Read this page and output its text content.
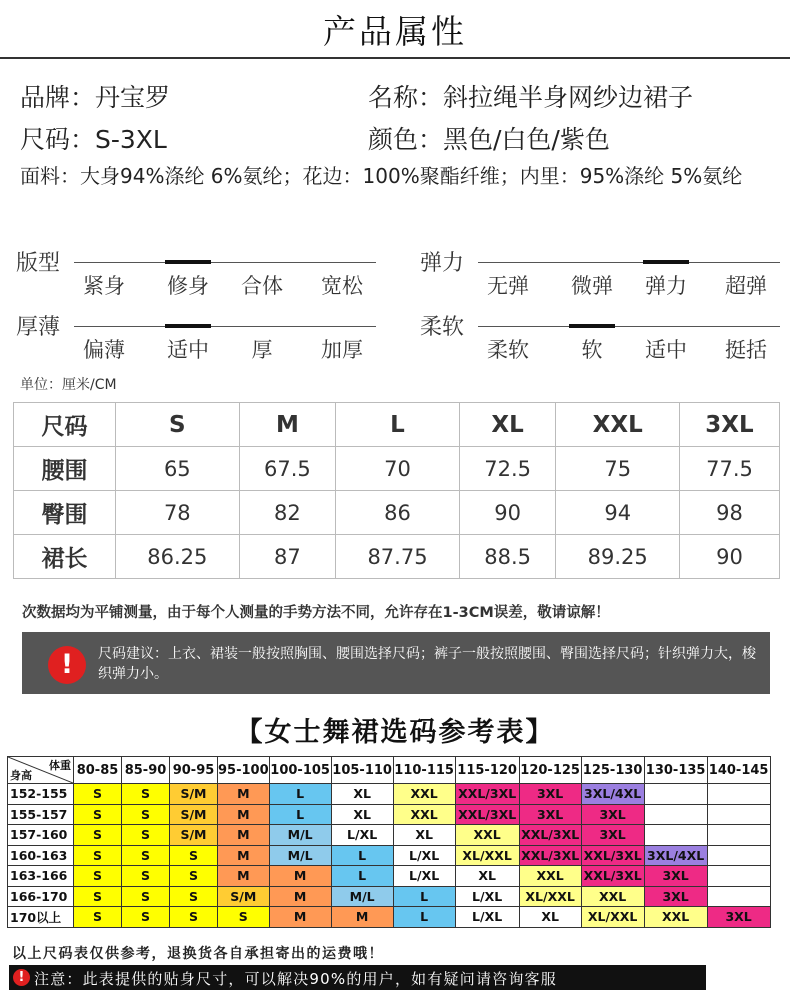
产品属性
品牌：丹宝罗	名称：斜拉绳半身网纱边裙子
尺码：S-3XL	颜色：黑色/白色/紫色
面料：大身94%涤纶 6%氨纶；花边：100%聚酯纤维；内里：95%涤纶 5%氨纶
版型
紧身 修身 合体 宽松
弹力
无弹 微弹 弹力 超弹
厚薄
偏薄 适中 厚 加厚
柔软
柔软	软 适中 挺括
单位：厘米/CM
尺码	S	M	L	XL	XXL	3XL
腰围	65	67.5	70	72.5	75	77.5
臀围	78	82	86	90	94	98
裙长	86.25	87	87.75	88.5	89.25	90
次数据均为平铺测量，由于每个人测量的手势方法不同，允许存在1-3CM误差，敬请谅解！
!	尺码建议：上衣、裙装一般按照胸围、腰围选择尺码；裤子一般按照腰围、臀围选择尺码；针织弹力大，梭织弹力小。
【女士舞裙选码参考表】
体重
身高	80-85	85-90	90-95	95-100	100-105	105-110	110-115	115-120	120-125	125-130	130-135	140-145
152-155	S	S	S/M	M	L	XL	XXL	XXL/3XL	3XL	3XL/4XL		
155-157	S	S	S/M	M	L	XL	XXL	XXL/3XL	3XL	3XL		
157-160	S	S	S/M	M	M/L	L/XL	XL	XXL	XXL/3XL	3XL		
160-163	S	S	S	M	M/L	L	L/XL	XL/XXL	XXL/3XL	XXL/3XL	3XL/4XL	
163-166	S	S	S	M	M	L	L/XL	XL	XXL	XXL/3XL	3XL	
166-170	S	S	S	S/M	M	M/L	L	L/XL	XL/XXL	XXL	3XL	
170以上	S	S	S	S	M	M	L	L/XL	XL	XL/XXL	XXL	3XL
以上尺码表仅供参考，退换货各自承担寄出的运费哦！
! 注意：此表提供的贴身尺寸，可以解决90%的用户，如有疑问请咨询客服
